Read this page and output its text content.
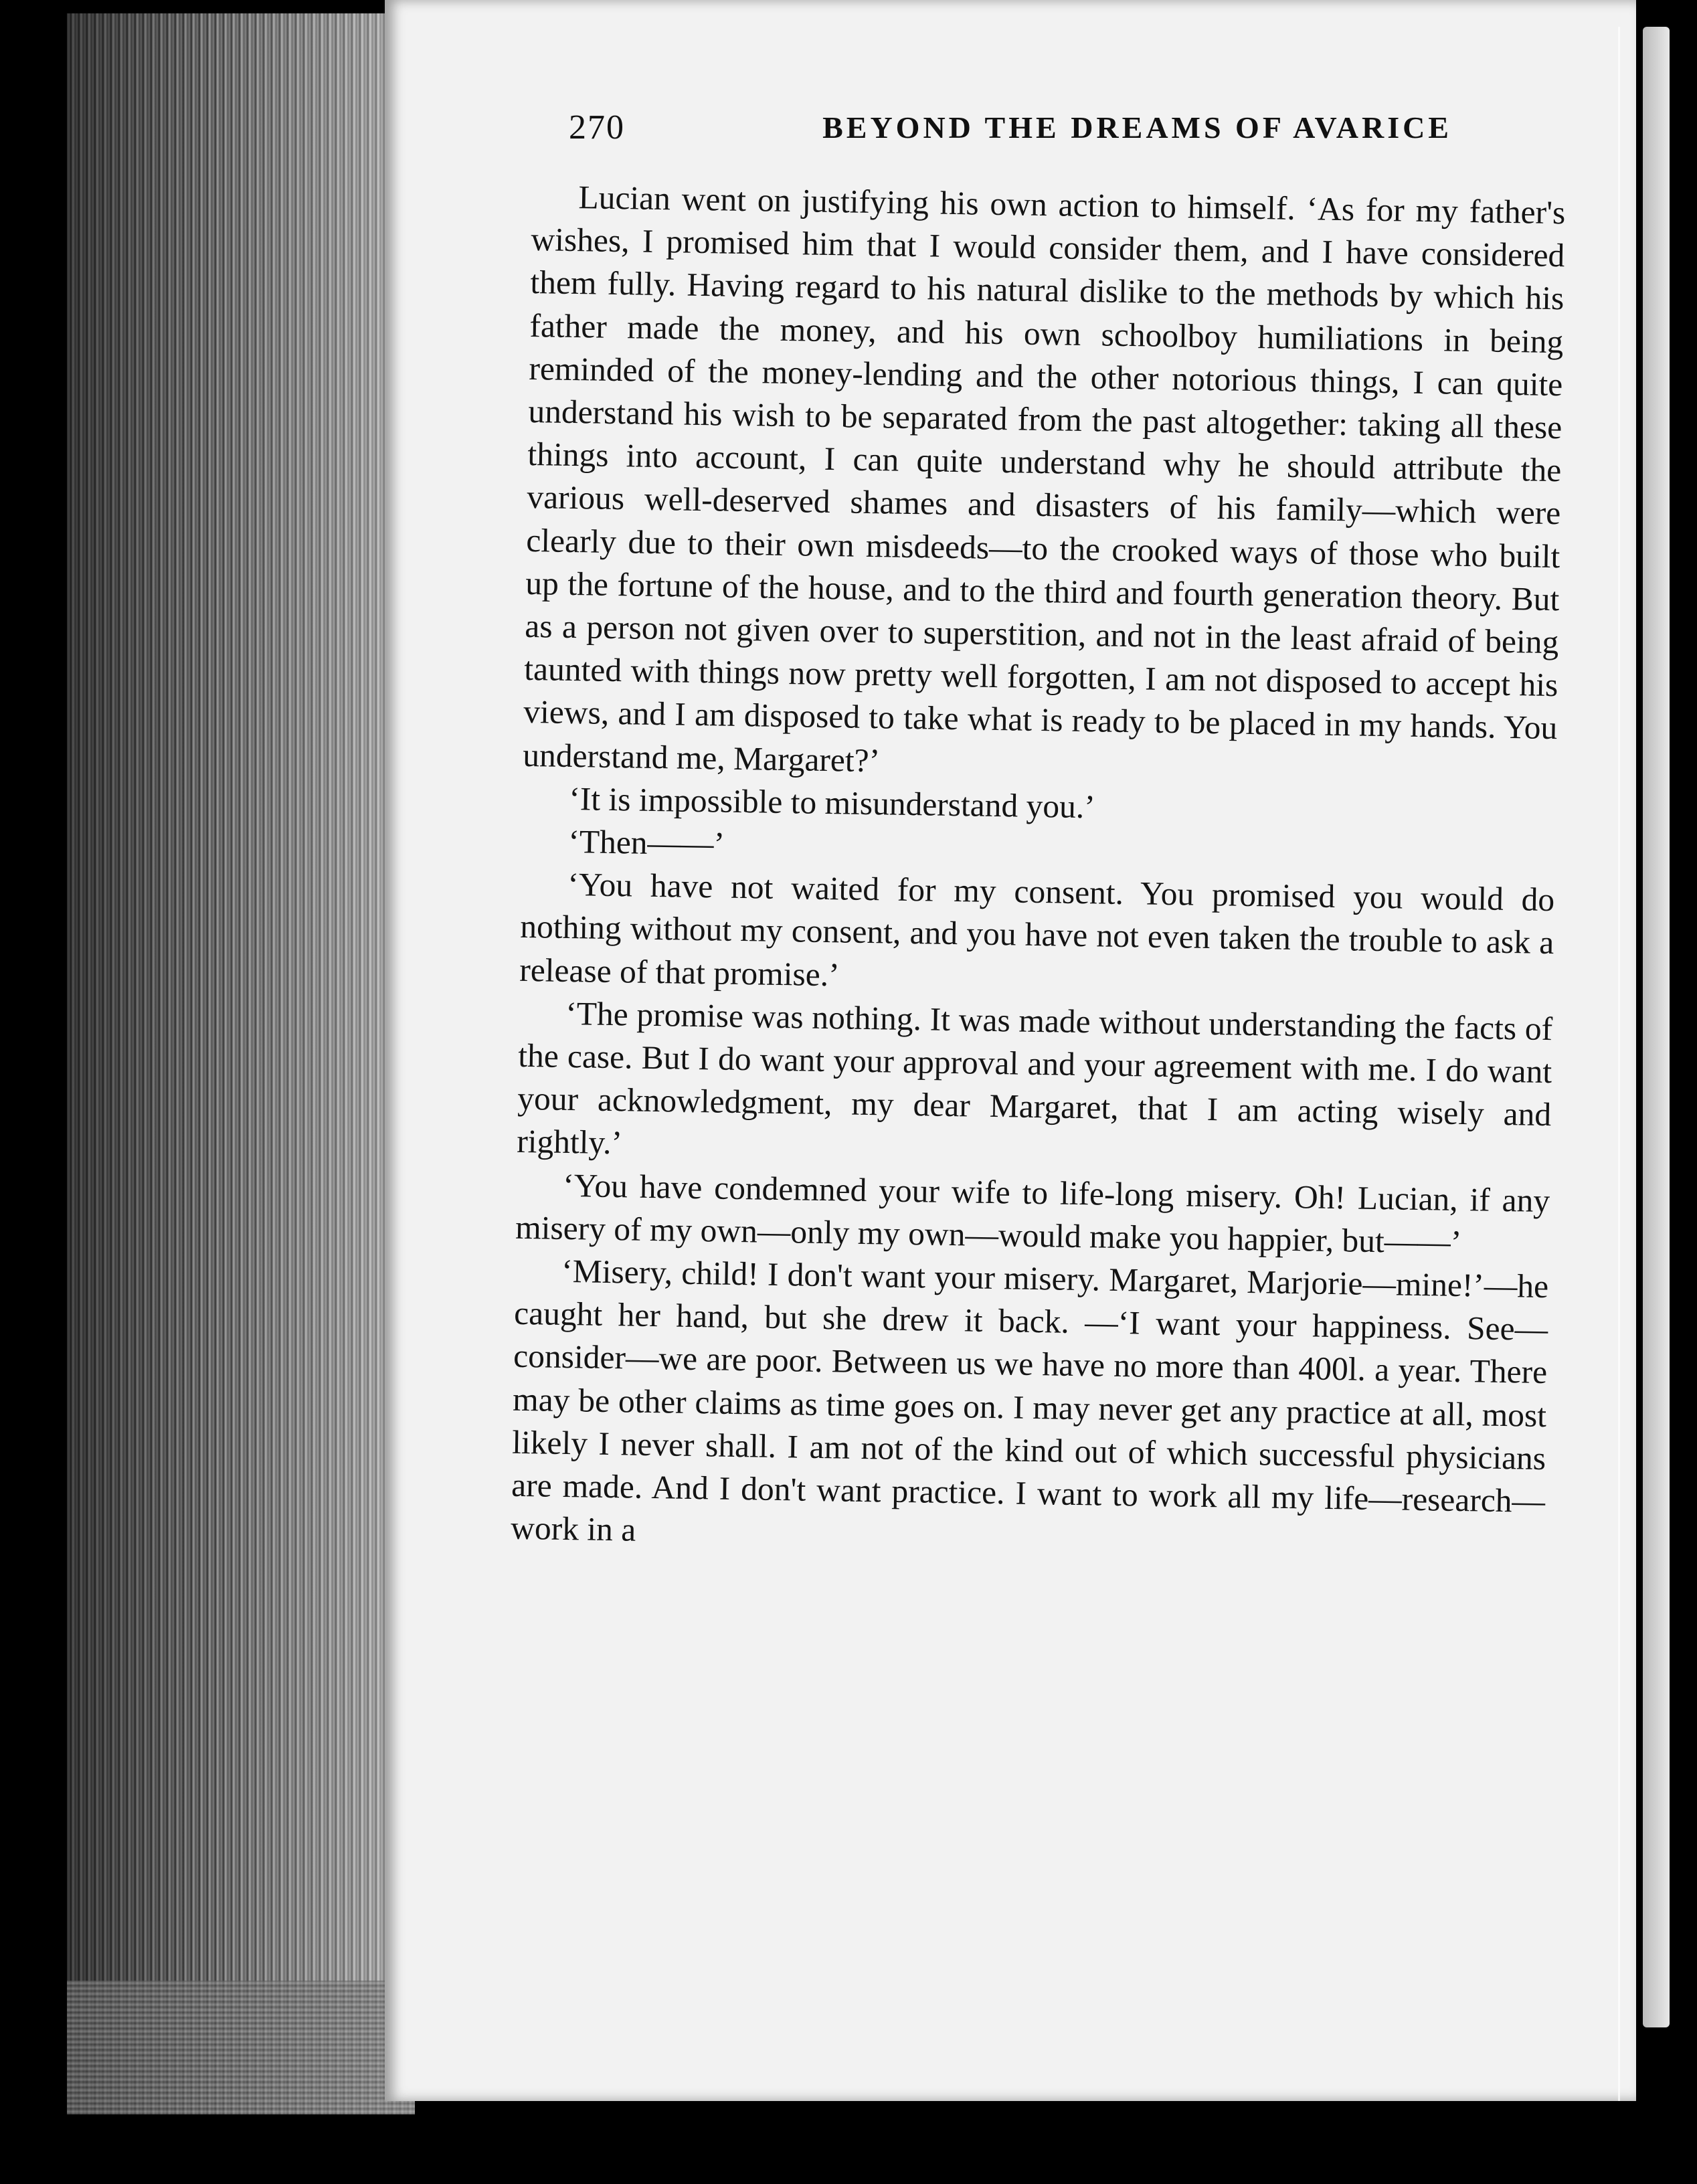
270	BEYOND THE DREAMS OF AVARICE

Lucian went on justifying his own action to himself. ‘As for my father's wishes, I promised him that I would consider them, and I have considered them fully. Having regard to his natural dislike to the methods by which his father made the money, and his own schoolboy humiliations in being reminded of the money-lending and the other notorious things, I can quite understand his wish to be separated from the past altogether: taking all these things into account, I can quite understand why he should attribute the various well-deserved shames and disasters of his family—which were clearly due to their own misdeeds—to the crooked ways of those who built up the fortune of the house, and to the third and fourth generation theory. But as a person not given over to superstition, and not in the least afraid of being taunted with things now pretty well forgotten, I am not disposed to accept his views, and I am disposed to take what is ready to be placed in my hands. You understand me, Margaret?’

‘It is impossible to misunderstand you.’

‘Then——’

‘You have not waited for my consent. You promised you would do nothing without my consent, and you have not even taken the trouble to ask a release of that promise.’

‘The promise was nothing. It was made without understanding the facts of the case. But I do want your approval and your agreement with me. I do want your acknowledgment, my dear Margaret, that I am acting wisely and rightly.’

‘You have condemned your wife to life-long misery. Oh! Lucian, if any misery of my own—only my own—would make you happier, but——’

‘Misery, child! I don't want your misery. Margaret, Marjorie—mine!’—he caught her hand, but she drew it back. —‘I want your happiness. See—consider—we are poor. Between us we have no more than 400l. a year. There may be other claims as time goes on. I may never get any practice at all, most likely I never shall. I am not of the kind out of which successful physicians are made. And I don't want practice. I want to work all my life—research—work in a
